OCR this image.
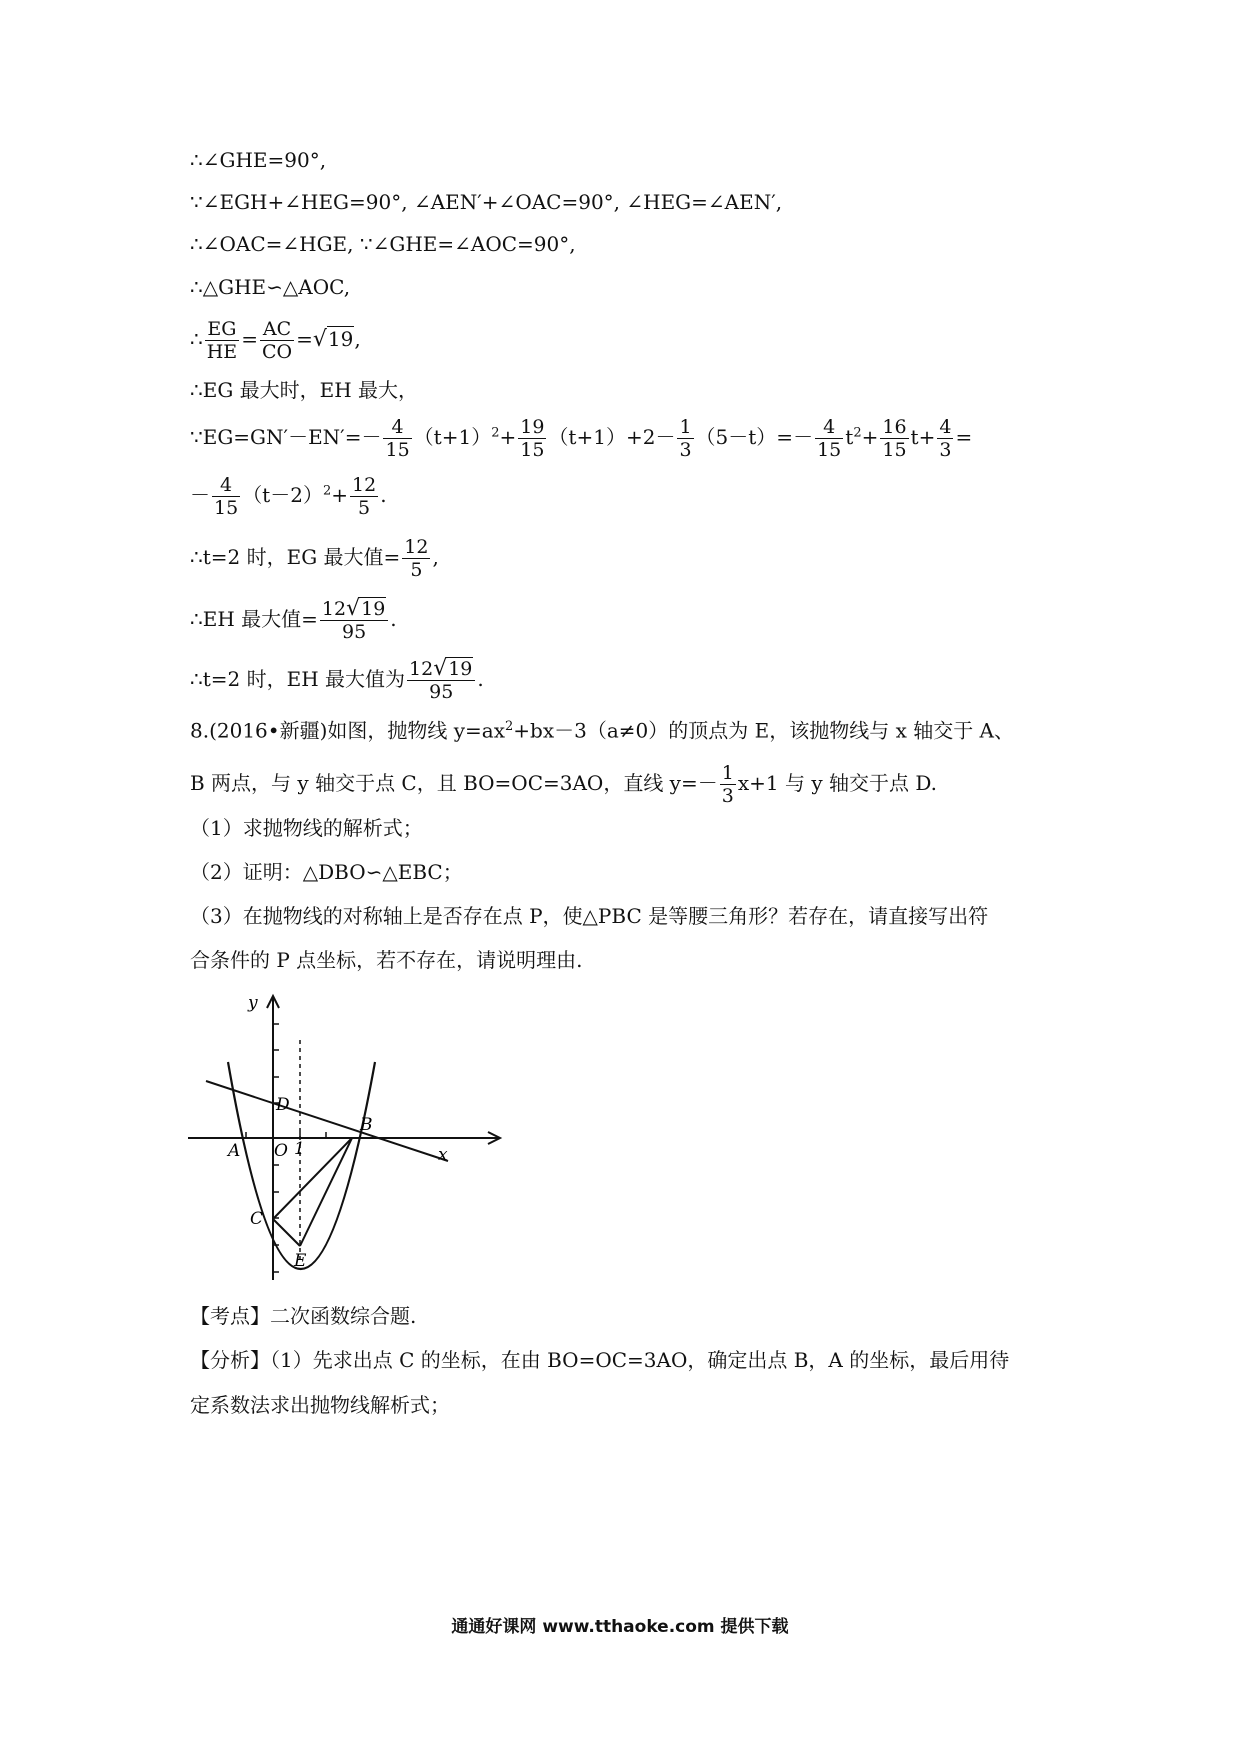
∴∠GHE=90°,
∵∠EGH+∠HEG=90°, ∠AEN′+∠OAC=90°, ∠HEG=∠AEN′,
∴∠OAC=∠HGE, ∵∠GHE=∠AOC=90°,
∴△GHE∽△AOC,
∴ $\frac{EG}{HE} = \frac{AC}{CO} =√19$,
∴EG 最大时，EH 最大，
∵EG=GN′－EN′=－ $\frac{4}{15} (t+1)^2+ \frac{19}{15} (t+1)+2- \frac{1}{3} (5-t)=- \frac{4}{15} t^2+ \frac{16}{15} t+ \frac{4}{3}$ =
－ $\frac{4}{15} (t-2)^2+ \frac{12}{5}$ .
∴t=2 时，EG 最大值= $\frac{12}{5}$ ,
∴EH 最大值= $\frac{12√19}{95}$ .
∴t=2 时，EH 最大值为 $\frac{12√19}{95}$ .
8.(2016•新疆)如图，抛物线 $y=ax^2+bx-3(a\ne 0)$的顶点为 E，该抛物线与 x 轴交于 A、
B 两点，与 y 轴交于点 C，且 BO=OC=3AO，直线 $y=- \frac{1}{3} x+1$ 与 y 轴交于点 D.
（1）求抛物线的解析式；
（2）证明：△DBO∽△EBC；
（3）在抛物线的对称轴上是否存在点 P，使△PBC 是等腰三角形？若存在，请直接写出符
合条件的 P 点坐标，若不存在，请说明理由.
y
x
D
B
A O 1
C
E
【考点】二次函数综合题.
【分析】（1）先求出点 C 的坐标，在由 BO=OC=3AO，确定出点 B，A 的坐标，最后用待
定系数法求出抛物线解析式；
通通好课网 www.tthaoke.com 提供下载
